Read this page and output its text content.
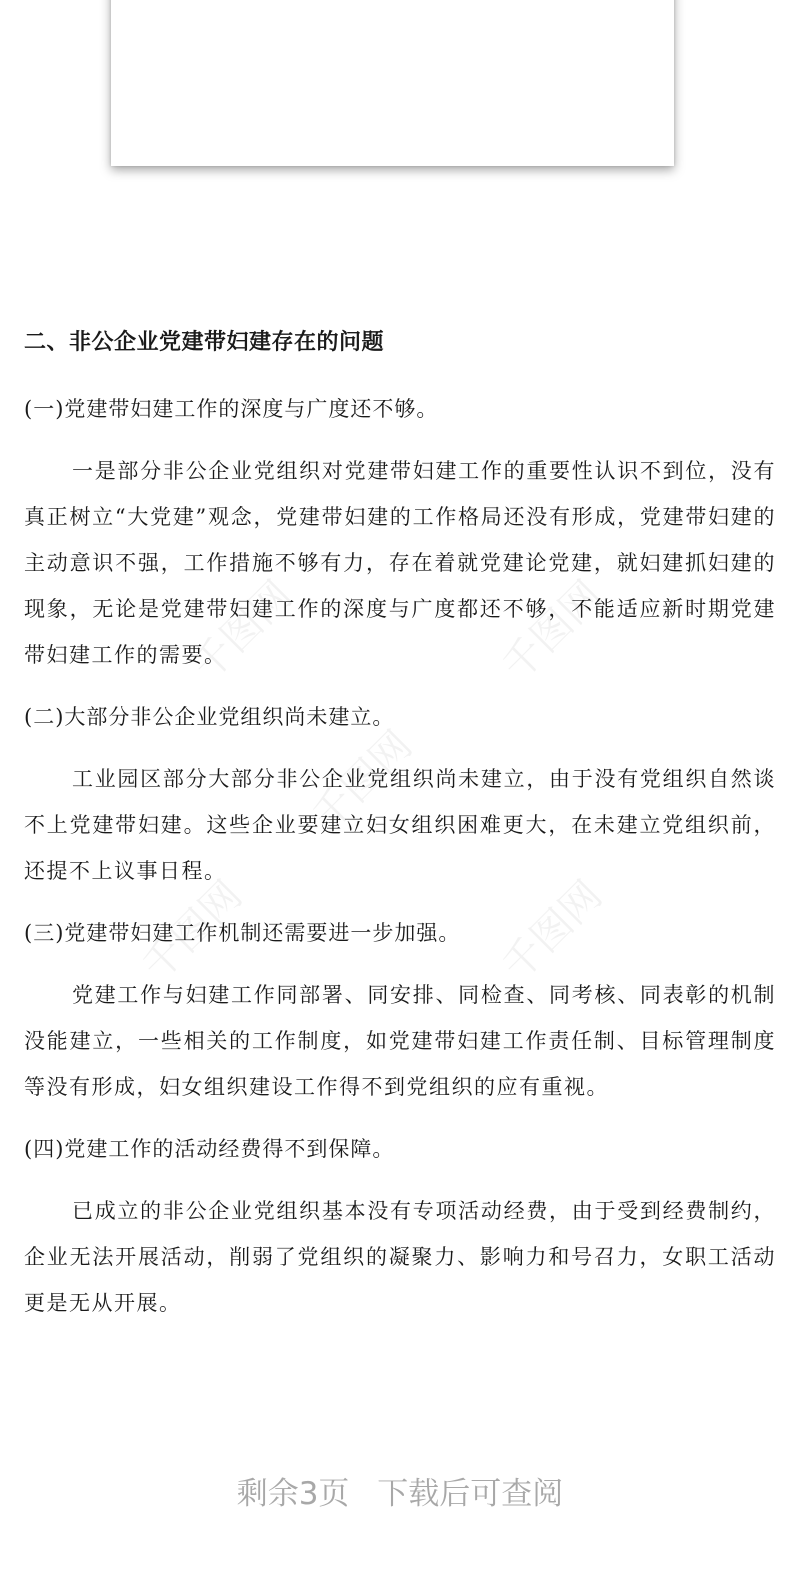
千图网	千图网
千图网
千图网	千图网
二、非公企业党建带妇建存在的问题
(一)党建带妇建工作的深度与广度还不够。
一是部分非公企业党组织对党建带妇建工作的重要性认识不到位，没有真正树立“大党建”观念，党建带妇建的工作格局还没有形成，党建带妇建的主动意识不强，工作措施不够有力，存在着就党建论党建，就妇建抓妇建的现象，无论是党建带妇建工作的深度与广度都还不够，不能适应新时期党建带妇建工作的需要。
(二)大部分非公企业党组织尚未建立。
工业园区部分大部分非公企业党组织尚未建立，由于没有党组织自然谈不上党建带妇建。这些企业要建立妇女组织困难更大，在未建立党组织前，还提不上议事日程。
(三)党建带妇建工作机制还需要进一步加强。
党建工作与妇建工作同部署、同安排、同检查、同考核、同表彰的机制没能建立，一些相关的工作制度，如党建带妇建工作责任制、目标管理制度等没有形成，妇女组织建设工作得不到党组织的应有重视。
(四)党建工作的活动经费得不到保障。
已成立的非公企业党组织基本没有专项活动经费，由于受到经费制约，企业无法开展活动，削弱了党组织的凝聚力、影响力和号召力，女职工活动更是无从开展。
剩余3页 下载后可查阅
